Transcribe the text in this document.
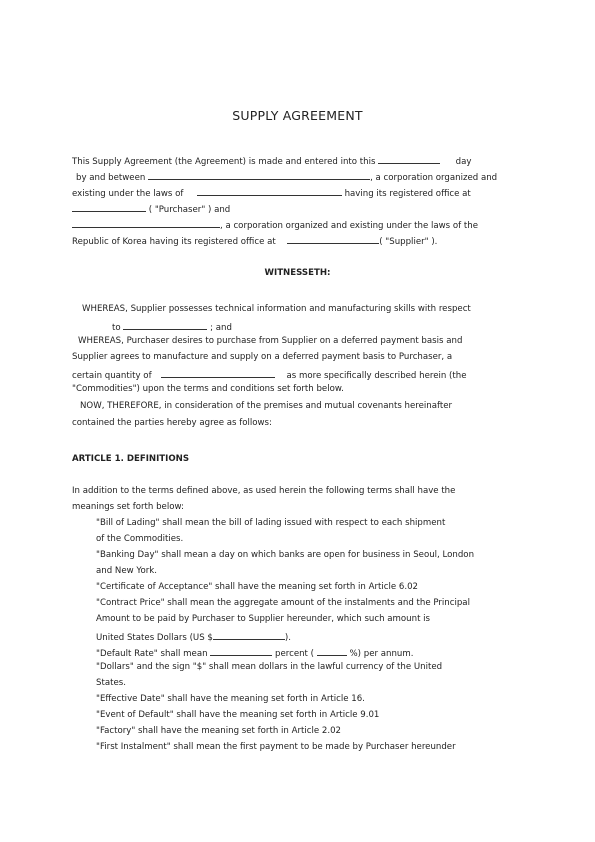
SUPPLY AGREEMENT
This Supply Agreement (the Agreement) is made and entered into this	day
by and between	, a corporation organized and
existing under the laws of	having its registered office at
( "Purchaser" ) and
, a corporation organized and existing under the laws of the
Republic of Korea having its registered office at	( "Supplier" ).
WITNESSETH:
WHEREAS, Supplier possesses technical information and manufacturing skills with respect
to	; and
WHEREAS, Purchaser desires to purchase from Supplier on a deferred payment basis and
Supplier agrees to manufacture and supply on a deferred payment basis to Purchaser, a
certain quantity of	as more specifically described herein (the
"Commodities") upon the terms and conditions set forth below.
NOW, THEREFORE, in consideration of the premises and mutual covenants hereinafter
contained the parties hereby agree as follows:
ARTICLE 1. DEFINITIONS
In addition to the terms defined above, as used herein the following terms shall have the
meanings set forth below:
"Bill of Lading" shall mean the bill of lading issued with respect to each shipment
of the Commodities.
"Banking Day" shall mean a day on which banks are open for business in Seoul, London
and New York.
"Certificate of Acceptance" shall have the meaning set forth in Article 6.02
"Contract Price" shall mean the aggregate amount of the instalments and the Principal
Amount to be paid by Purchaser to Supplier hereunder, which such amount is
United States Dollars (US $	).
"Default Rate" shall mean	percent (	%) per annum.
"Dollars" and the sign "$" shall mean dollars in the lawful currency of the United
States.
"Effective Date" shall have the meaning set forth in Article 16.
"Event of Default" shall have the meaning set forth in Article 9.01
"Factory" shall have the meaning set forth in Article 2.02
"First Instalment" shall mean the first payment to be made by Purchaser hereunder
